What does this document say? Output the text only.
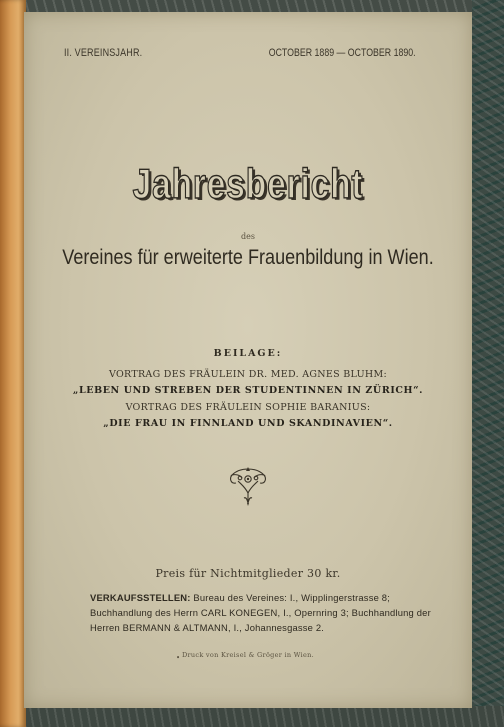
II. VEREINSJAHR.	OCTOBER 1889 — OCTOBER 1890.
Jahresbericht
des
Vereines für erweiterte Frauenbildung in Wien.
BEILAGE:
VORTRAG DES FRÄULEIN DR. MED. AGNES BLUHM:
„LEBEN UND STREBEN DER STUDENTINNEN IN ZÜRICH“.
VORTRAG DES FRÄULEIN SOPHIE BARANIUS:
„DIE FRAU IN FINNLAND UND SKANDINAVIEN“.
Preis für Nichtmitglieder 30 kr.
VERKAUFSSTELLEN: Bureau des Vereines: I., Wipplingerstrasse 8; Buchhandlung des Herrn CARL KONEGEN, I., Opernring 3; Buchhandlung der Herren BERMANN & ALTMANN, I., Johannesgasse 2.
• Druck von Kreisel & Gröger in Wien.
